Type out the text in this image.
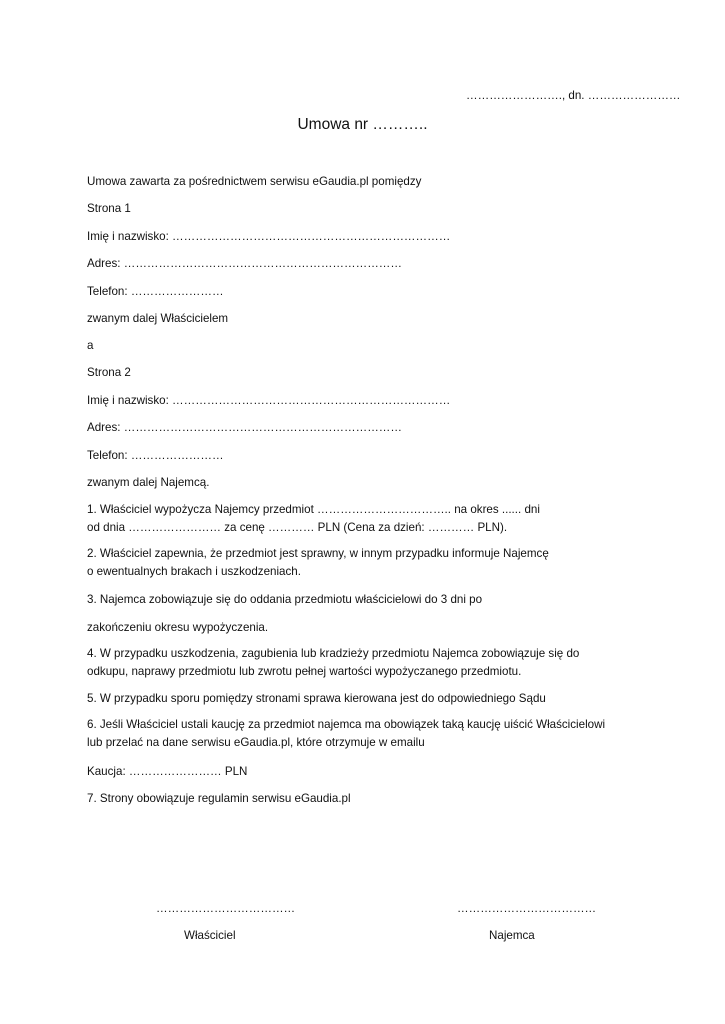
……………………., dn. ……………………
Umowa nr ………..
Umowa zawarta za pośrednictwem serwisu eGaudia.pl pomiędzy
Strona 1
Imię i nazwisko: ………………………………………………………………
Adres: ………………………………………………………………
Telefon: ……………………
zwanym dalej Właścicielem
a
Strona 2
Imię i nazwisko: ………………………………………………………………
Adres: ………………………………………………………………
Telefon: ……………………
zwanym dalej Najemcą.
1. Właściciel wypożycza Najemcy przedmiot …………………………….. na okres ...... dni
od dnia …………………… za cenę ………… PLN (Cena za dzień: ………… PLN).
2. Właściciel zapewnia, że przedmiot jest sprawny, w innym przypadku informuje Najemcę
o ewentualnych brakach i uszkodzeniach.
3. Najemca zobowiązuje się do oddania przedmiotu właścicielowi do 3 dni po
zakończeniu okresu wypożyczenia.
4. W przypadku uszkodzenia, zagubienia lub kradzieży przedmiotu Najemca zobowiązuje się do
odkupu, naprawy przedmiotu lub zwrotu pełnej wartości wypożyczanego przedmiotu.
5. W przypadku sporu pomiędzy stronami sprawa kierowana jest do odpowiedniego Sądu
6. Jeśli Właściciel ustali kaucję za przedmiot najemca ma obowiązek taką kaucję uiścić Właścicielowi
lub przelać na dane serwisu eGaudia.pl, które otrzymuje w emailu
Kaucja: …………………… PLN
7. Strony obowiązuje regulamin serwisu eGaudia.pl
………………………………
Właściciel
………………………………
Najemca
